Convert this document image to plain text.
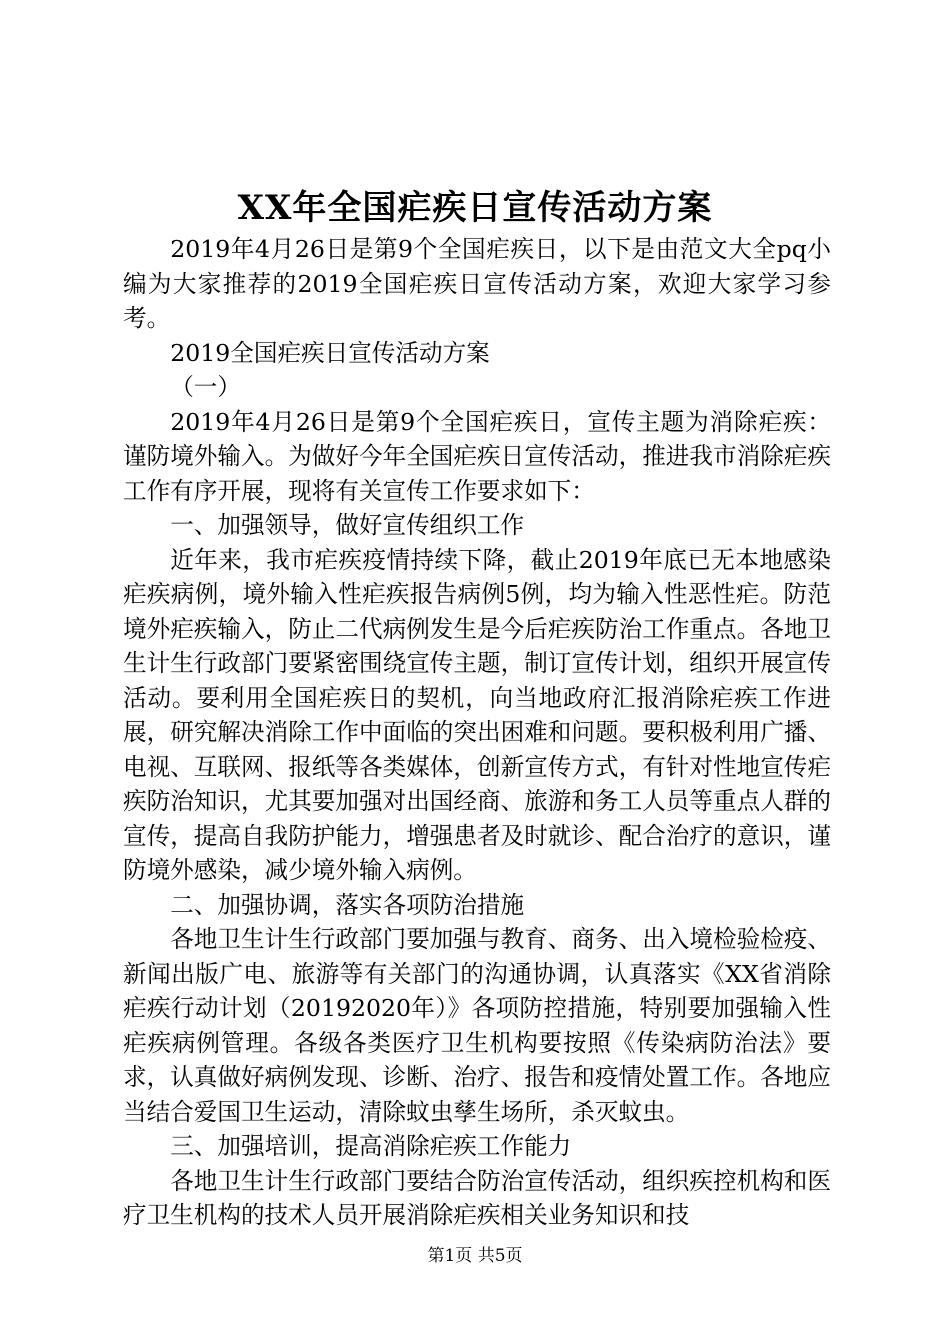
XX年全国疟疾日宣传活动方案

2019年4月26日是第9个全国疟疾日，以下是由范文大全pq小编为大家推荐的2019全国疟疾日宣传活动方案，欢迎大家学习参考。

2019全国疟疾日宣传活动方案

（一）

2019年4月26日是第9个全国疟疾日，宣传主题为消除疟疾：谨防境外输入。为做好今年全国疟疾日宣传活动，推进我市消除疟疾工作有序开展，现将有关宣传工作要求如下：

一、加强领导，做好宣传组织工作

近年来，我市疟疾疫情持续下降，截止2019年底已无本地感染疟疾病例，境外输入性疟疾报告病例5例，均为输入性恶性疟。防范境外疟疾输入，防止二代病例发生是今后疟疾防治工作重点。各地卫生计生行政部门要紧密围绕宣传主题，制订宣传计划，组织开展宣传活动。要利用全国疟疾日的契机，向当地政府汇报消除疟疾工作进展，研究解决消除工作中面临的突出困难和问题。要积极利用广播、电视、互联网、报纸等各类媒体，创新宣传方式，有针对性地宣传疟疾防治知识，尤其要加强对出国经商、旅游和务工人员等重点人群的宣传，提高自我防护能力，增强患者及时就诊、配合治疗的意识，谨防境外感染，减少境外输入病例。

二、加强协调，落实各项防治措施

各地卫生计生行政部门要加强与教育、商务、出入境检验检疫、新闻出版广电、旅游等有关部门的沟通协调，认真落实《XX省消除疟疾行动计划（20192020年）》各项防控措施，特别要加强输入性疟疾病例管理。各级各类医疗卫生机构要按照《传染病防治法》要求，认真做好病例发现、诊断、治疗、报告和疫情处置工作。各地应当结合爱国卫生运动，清除蚊虫孳生场所，杀灭蚊虫。

三、加强培训，提高消除疟疾工作能力

各地卫生计生行政部门要结合防治宣传活动，组织疾控机构和医疗卫生机构的技术人员开展消除疟疾相关业务知识和技

第1页 共5页
